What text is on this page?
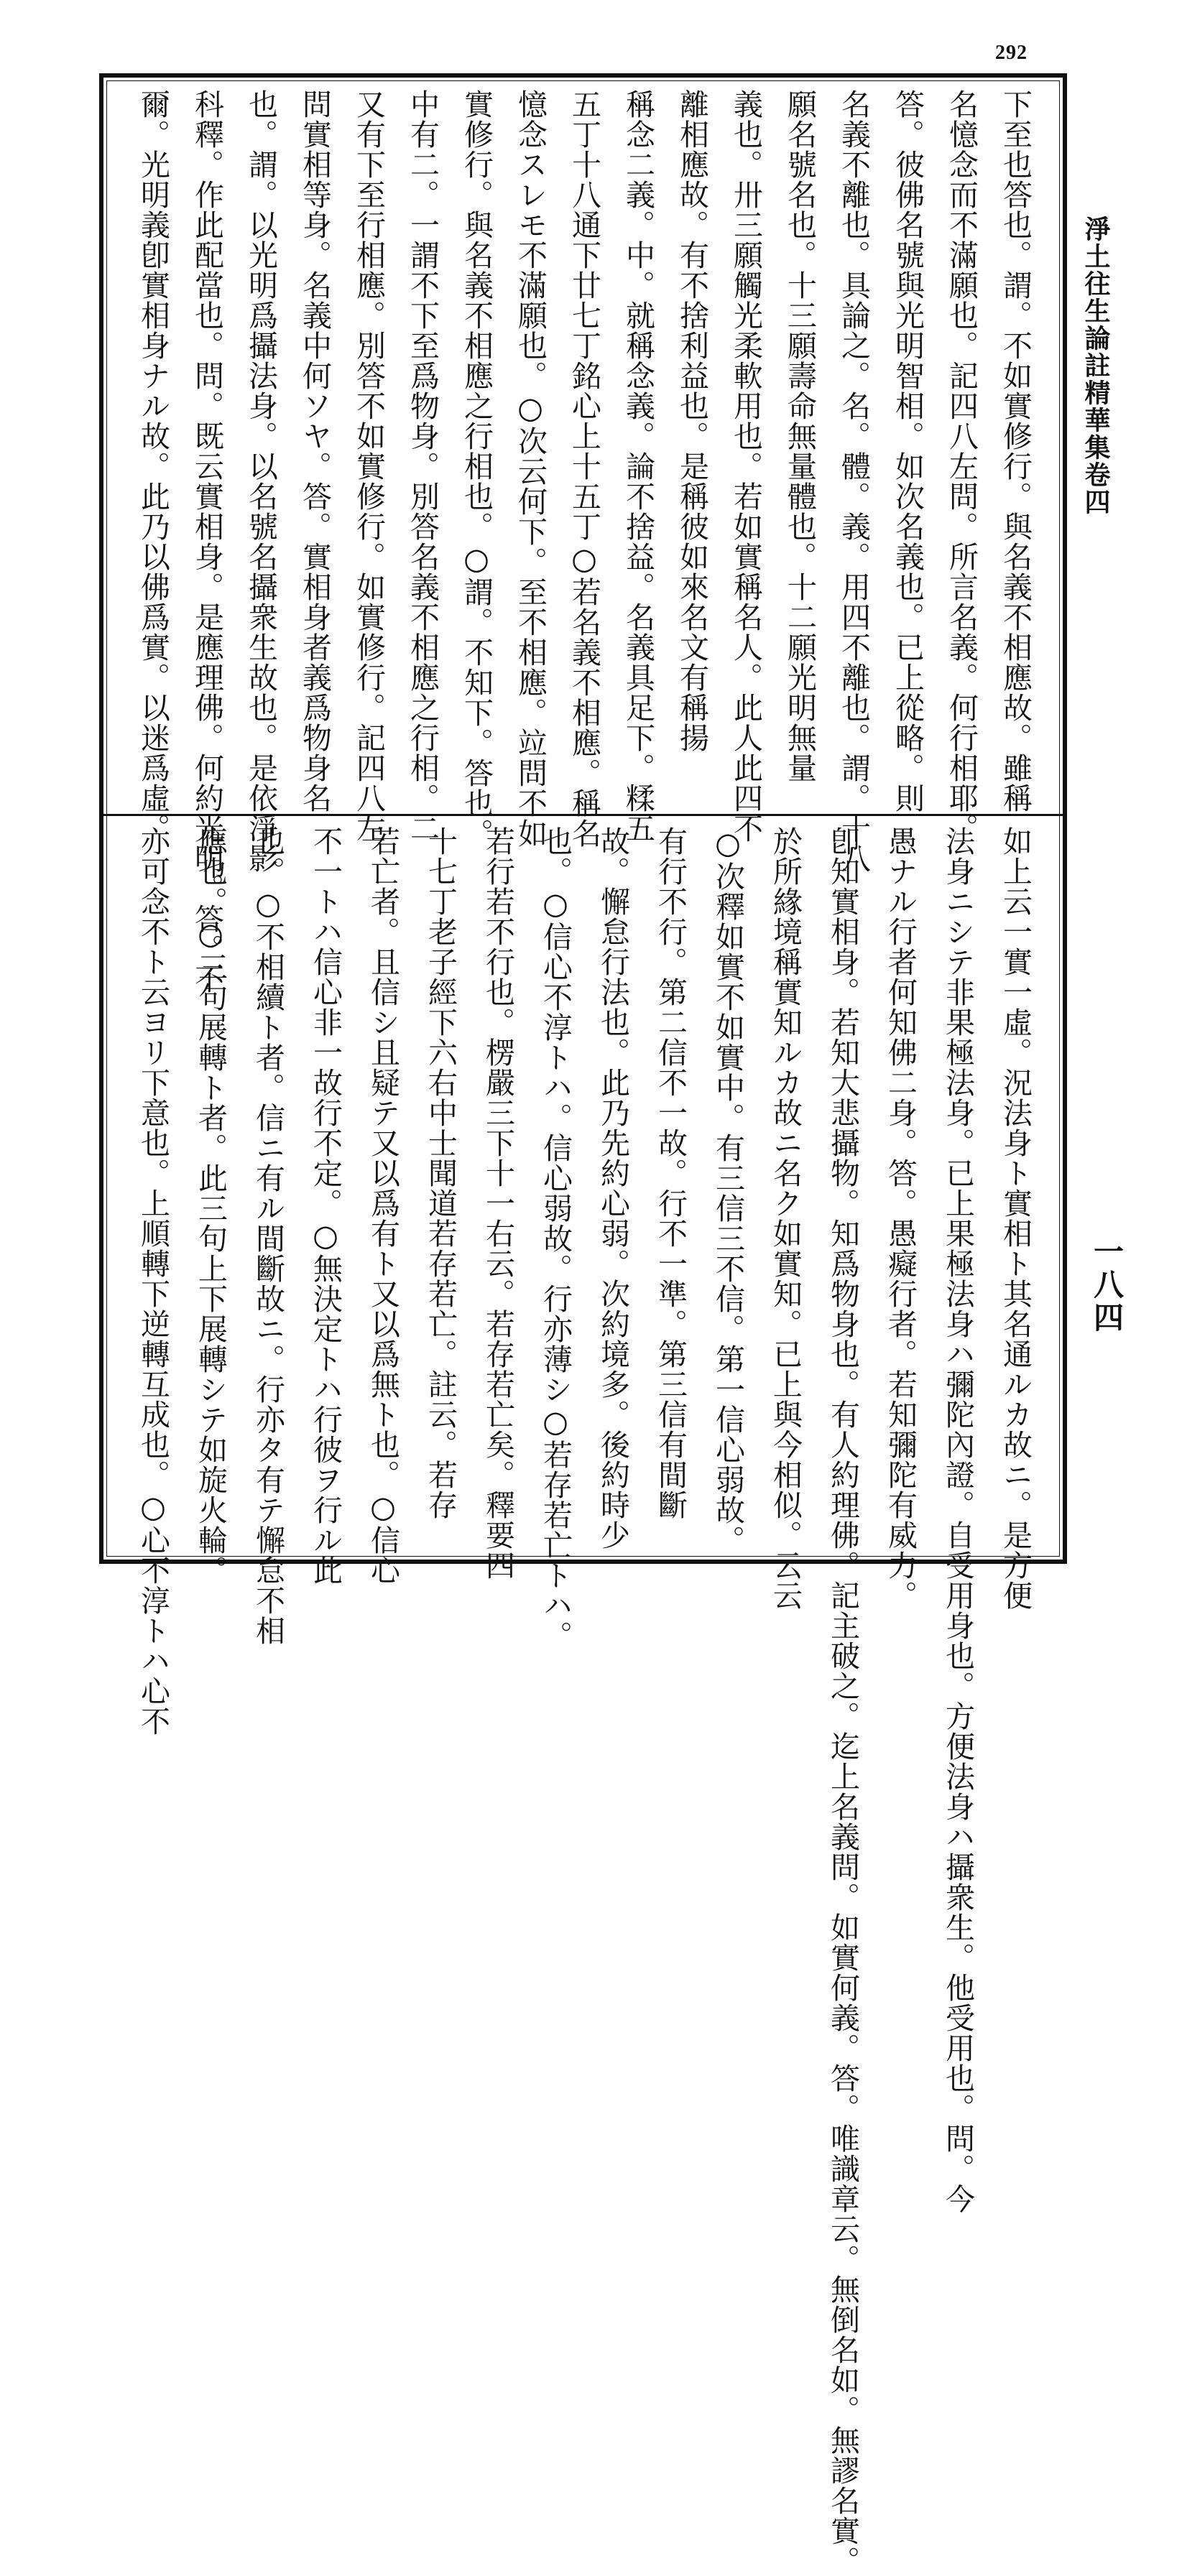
292
下至也答也。謂。不如實修行。與名義不相應故。雖稱
名憶念而不滿願也。記四八左問。所言名義。何行相耶。
答。彼佛名號與光明智相。如次名義也。已上從略。則
名義不離也。具論之。名。體。義。用四不離也。謂。十八
願名號名也。十三願壽命無量體也。十二願光明無量
義也。卅三願觸光柔軟用也。若如實稱名人。此人此四不
離相應故。有不捨利益也。是稱彼如來名文有稱揚
稱念二義。中。就稱念義。論不捨益。名義具足下。糅五
五丁十八通下廿七丁銘心上十五丁○若名義不相應。稱名
憶念スレモ不滿願也。○次云何下。至不相應。竝問不如
實修行。與名義不相應之行相也。○謂。不知下。答也。
中有二。一謂不下至爲物身。別答名義不相應之行相。二
又有下至行相應。別答不如實修行。如實修行。記四八左
問實相等身。名義中何ソヤ。答。實相身者義爲物身名
也。謂。以光明爲攝法身。以名號名攝衆生故也。是依淨影
科釋。作此配當也。問。既云實相身。是應理佛。何約光明。答。不
爾。光明義卽實相身ナル故。此乃以佛爲實。以迷爲虛。
如上云一實一虛。況法身ト實相ト其名通ルカ故ニ。是方便
法身ニシテ非果極法身。已上果極法身ハ彌陀內證。自受用身也。方便法身ハ攝衆生。他受用也。問。今
愚ナル行者何知佛二身。答。愚癡行者。若知彌陀有威力。
卽知實相身。若知大悲攝物。知爲物身也。有人約理佛。記主破之。迄上名義問。如實何義。答。唯識章云。無倒名如。無謬名實。
於所緣境稱實知ルカ故ニ名ク如實知。已上與今相似。云云
○次釋如實不如實中。有三信三不信。第一信心弱故。
有行不行。第二信不一故。行不一準。第三信有間斷
故。懈怠行法也。此乃先約心弱。次約境多。後約時少
也。○信心不淳トハ。信心弱故。行亦薄シ○若存若亡トハ。
若行若不行也。楞嚴三下十一右云。若存若亡矣。釋要四
十七丁老子經下六右中士聞道若存若亡。註云。若存
若亡者。且信シ且疑テ又以爲有ト又以爲無ト也。○信心
不一トハ信心非一故行不定。○無決定トハ行彼ヲ行ル此
也。○不相續ト者。信ニ有ル間斷故ニ。行亦タ有テ懈怠不相
應也。○三句展轉ト者。此三句上下展轉シテ如旋火輪。
亦可念不ト云ヨリ下意也。上順轉下逆轉互成也。○心不淳トハ心不
淨土往生論註精華集卷四
一八四
